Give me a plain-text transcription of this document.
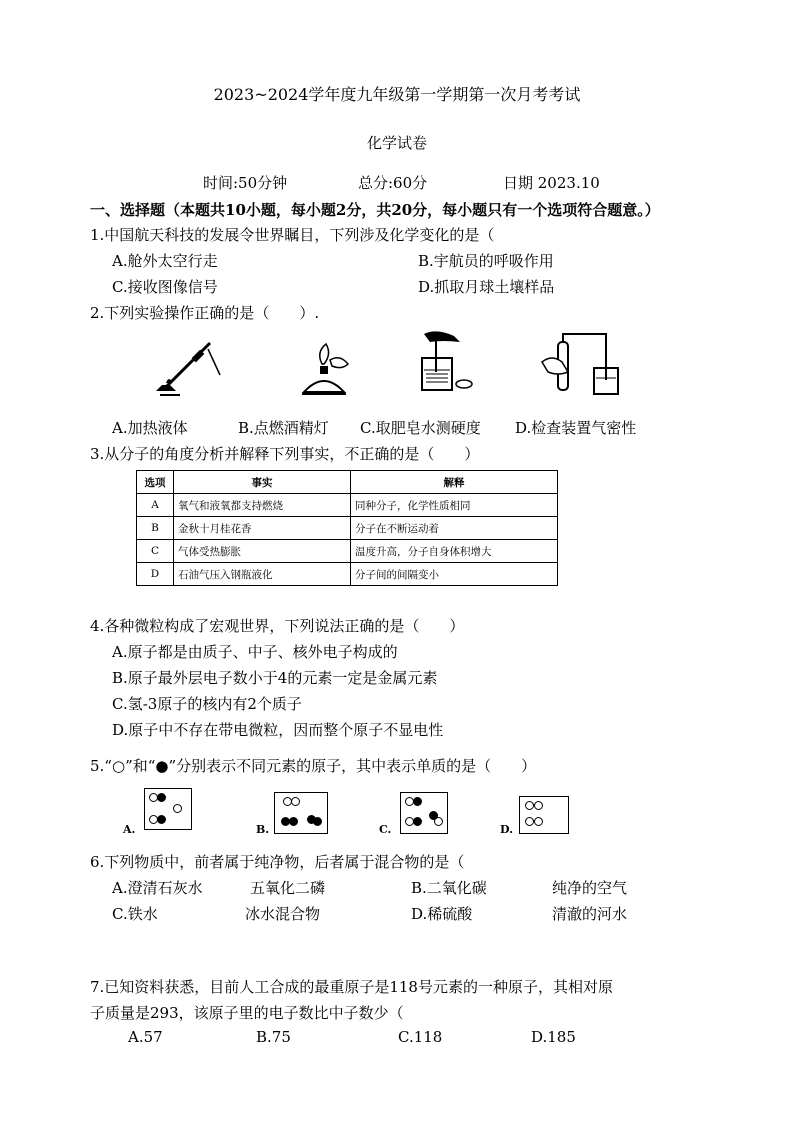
2023~2024学年度九年级第一学期第一次月考考试
化学试卷
时间:50分钟	总分:60分	日期 2023.10
一、选择题（本题共10小题，每小题2分，共20分，每小题只有一个选项符合题意。）
1.中国航天科技的发展令世界瞩目，下列涉及化学变化的是（
A.舱外太空行走	B.宇航员的呼吸作用
C.接收图像信号	D.抓取月球土壤样品
2.下列实验操作正确的是（　　）.
A.加热液体	B.点燃酒精灯 C.取肥皂水测硬度 D.检查装置气密性
3.从分子的角度分析并解释下列事实，不正确的是（　　）
选项	事实	解释
A	氧气和液氧都支持燃烧	同种分子，化学性质相同
B	金秋十月桂花香	分子在不断运动着
C	气体受热膨胀	温度升高，分子自身体积增大
D	石油气压入钢瓶液化	分子间的间隔变小
4.各种微粒构成了宏观世界，下列说法正确的是（　　）
A.原子都是由质子、中子、核外电子构成的
B.原子最外层电子数小于4的元素一定是金属元素
C.氢-3原子的核内有2个质子
D.原子中不存在带电微粒，因而整个原子不显电性
5.“○”和“●”分别表示不同元素的原子，其中表示单质的是（　　）
A.	B.	C.	D.
6.下列物质中，前者属于纯净物，后者属于混合物的是（
A.澄清石灰水	五氧化二磷	B.二氧化碳	纯净的空气
C.铁水	冰水混合物	D.稀硫酸	清澈的河水
7.已知资料获悉，目前人工合成的最重原子是118号元素的一种原子，其相对原
子质量是293，该原子里的电子数比中子数少（
A.57	B.75	C.118	D.185
